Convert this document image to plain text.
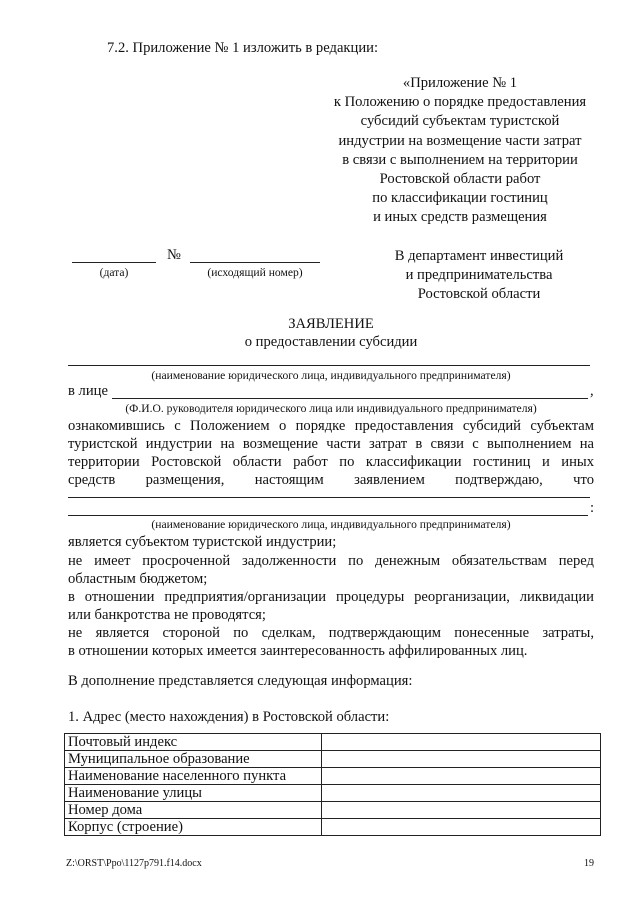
7.2. Приложение № 1 изложить в редакции:
«Приложение № 1
к Положению о порядке предоставления
субсидий субъектам туристской
индустрии на возмещение части затрат
в связи с выполнением на территории
Ростовской области работ
по классификации гостиниц
и иных средств размещения
№
(дата)	(исходящий номер)
В департамент инвестиций
и предпринимательства
Ростовской области
ЗАЯВЛЕНИЕ
о предоставлении субсидии
(наименование юридического лица, индивидуального предпринимателя)
в лице	,
(Ф.И.О. руководителя юридического лица или индивидуального предпринимателя)
ознакомившись с Положением о порядке предоставления субсидий субъектам
туристской индустрии на возмещение части затрат в связи с выполнением на
территории Ростовской области работ по классификации гостиниц и иных
средств размещения, настоящим заявлением подтверждаю, что
:
(наименование юридического лица, индивидуального предпринимателя)
является субъектом туристской индустрии;
не имеет просроченной задолженности по денежным обязательствам перед
областным бюджетом;
в отношении предприятия/организации процедуры реорганизации, ликвидации
или банкротства не проводятся;
не является стороной по сделкам, подтверждающим понесенные затраты,
в отношении которых имеется заинтересованность аффилированных лиц.
В дополнение представляется следующая информация:
1. Адрес (место нахождения) в Ростовской области:
Почтовый индекс	
Муниципальное образование	
Наименование населенного пункта	
Наименование улицы	
Номер дома	
Корпус (строение)	
Z:\ORST\Ppo\1127p791.f14.docx	19
